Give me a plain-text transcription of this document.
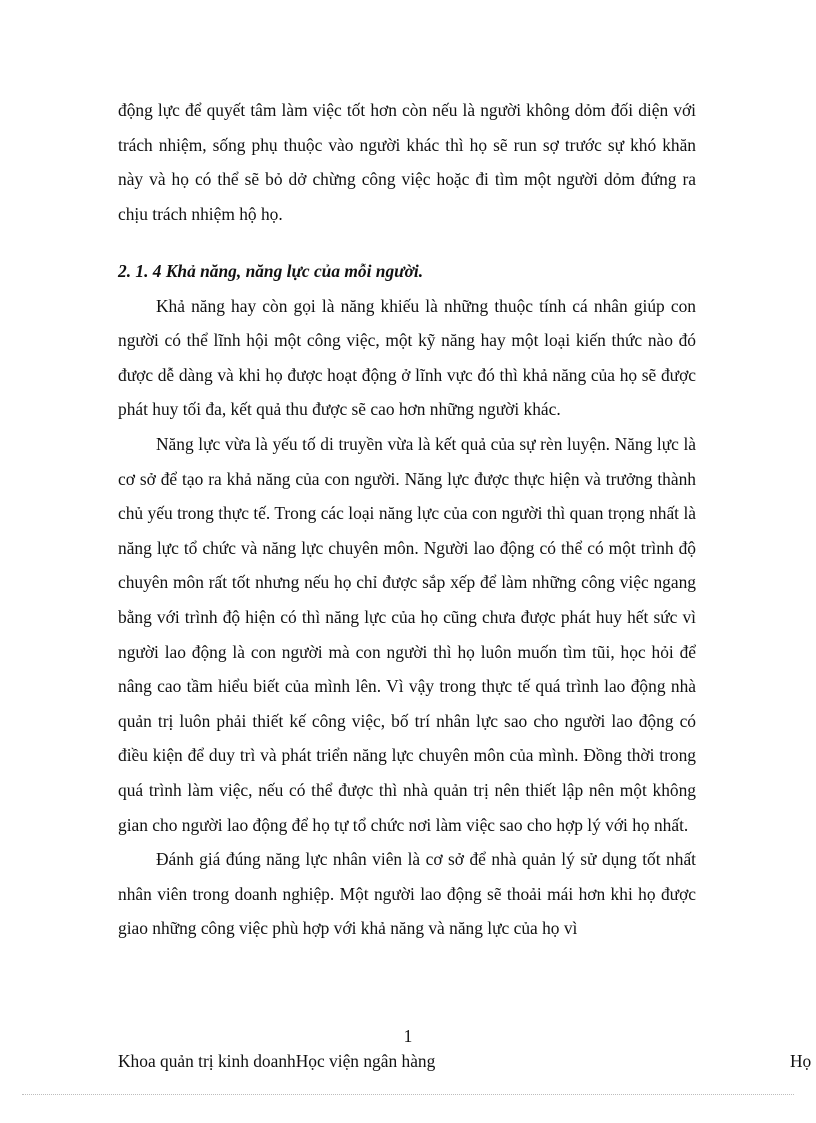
động lực để quyết tâm làm việc tốt hơn còn nếu là người không dỏm đối diện với trách nhiệm, sống phụ thuộc vào người khác thì họ sẽ run sợ trước sự khó khăn này và họ có thể sẽ bỏ dở chừng công việc hoặc đi tìm một người dỏm đứng ra chịu trách nhiệm hộ họ.

2. 1. 4 Khả năng, năng lực của mỗi người.

Khả năng hay còn gọi là năng khiếu là những thuộc tính cá nhân giúp con người có thể lĩnh hội một công việc, một kỹ năng hay một loại kiến thức nào đó được dễ dàng và khi họ được hoạt động ở lĩnh vực đó thì khả năng của họ sẽ được phát huy tối đa, kết quả thu được sẽ cao hơn những người khác.

Năng lực vừa là yếu tố di truyền vừa là kết quả của sự rèn luyện. Năng lực là cơ sở để tạo ra khả năng của con người. Năng lực được thực hiện và trưởng thành chủ yếu trong thực tế. Trong các loại năng lực của con người thì quan trọng nhất là năng lực tổ chức và năng lực chuyên môn. Người lao động có thể có một trình độ chuyên môn rất tốt nhưng nếu họ chỉ được sắp xếp để làm những công việc ngang bằng với trình độ hiện có thì năng lực của họ cũng chưa được phát huy hết sức vì người lao động là con người mà con người thì họ luôn muốn tìm tũi, học hỏi để nâng cao tầm hiểu biết của mình lên. Vì vậy trong thực tế quá trình lao động nhà quản trị luôn phải thiết kế công việc, bố trí nhân lực sao cho người lao động có điều kiện để duy trì và phát triển năng lực chuyên môn của mình. Đồng thời trong quá trình làm việc, nếu có thể được thì nhà quản trị nên thiết lập nên một không gian cho người lao động để họ tự tổ chức nơi làm việc sao cho hợp lý với họ nhất.

Đánh giá đúng năng lực nhân viên là cơ sở để nhà quản lý sử dụng tốt nhất nhân viên trong doanh nghiệp. Một người lao động sẽ thoải mái hơn khi họ được giao những công việc phù hợp với khả năng và năng lực của họ vì

1
Khoa quản trị kinh doanhHọc viện ngân hàng	Họ
